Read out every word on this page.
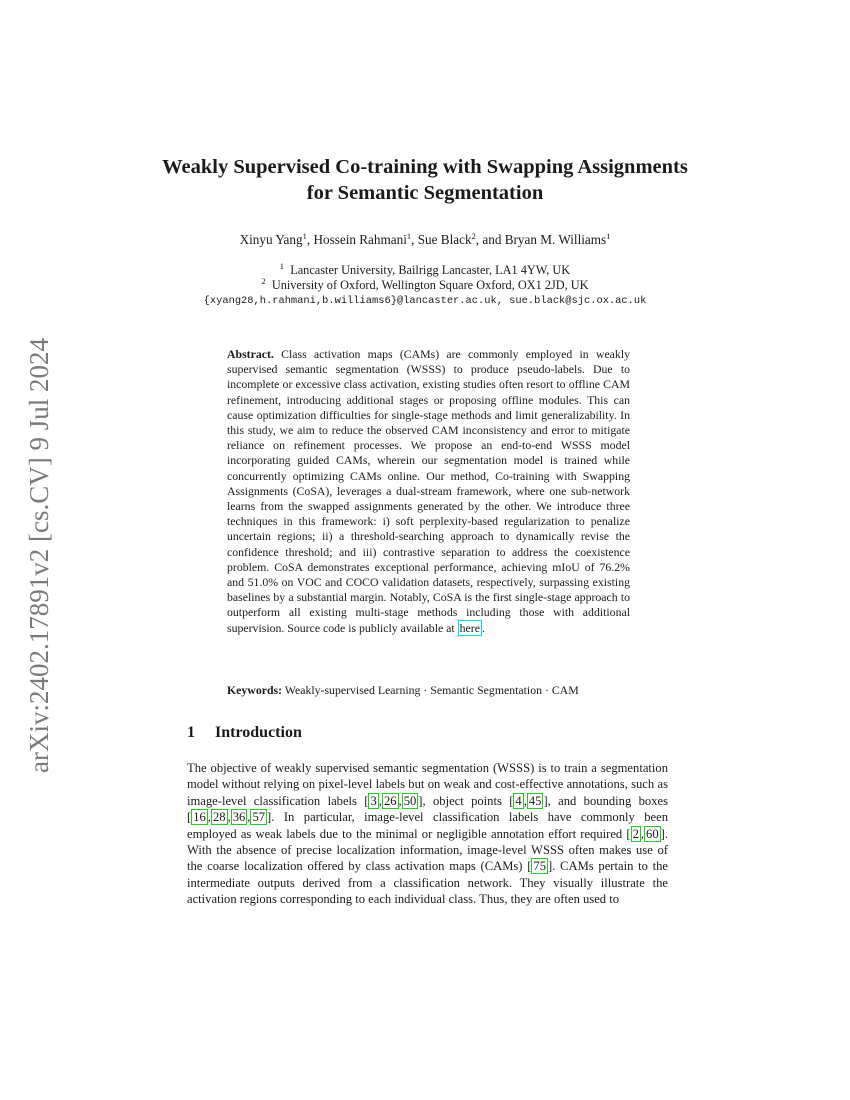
arXiv:2402.17891v2 [cs.CV] 9 Jul 2024
Weakly Supervised Co-training with Swapping Assignments for Semantic Segmentation
Xinyu Yang$^1$, Hossein Rahmani$^1$, Sue Black$^2$, and Bryan M. Williams$^1$
$^1$ Lancaster University, Bailrigg Lancaster, LA1 4YW, UK
$^2$ University of Oxford, Wellington Square Oxford, OX1 2JD, UK
{xyang28,h.rahmani,b.williams6}@lancaster.ac.uk, sue.black@sjc.ox.ac.uk
Abstract. Class activation maps (CAMs) are commonly employed in weakly supervised semantic segmentation (WSSS) to produce pseudo-labels. Due to incomplete or excessive class activation, existing studies often resort to offline CAM refinement, introducing additional stages or proposing offline modules. This can cause optimization difficulties for single-stage methods and limit generalizability. In this study, we aim to reduce the observed CAM inconsistency and error to mitigate reliance on refinement processes. We propose an end-to-end WSSS model incorporating guided CAMs, wherein our segmentation model is trained while concurrently optimizing CAMs online. Our method, Co-training with Swapping Assignments (CoSA), leverages a dual-stream framework, where one sub-network learns from the swapped assignments generated by the other. We introduce three techniques in this framework: i) soft perplexity-based regularization to penalize uncertain regions; ii) a threshold-searching approach to dynamically revise the confidence threshold; and iii) contrastive separation to address the coexistence problem. CoSA demonstrates exceptional performance, achieving mIoU of 76.2% and 51.0% on VOC and COCO validation datasets, respectively, surpassing existing baselines by a substantial margin. Notably, CoSA is the first single-stage approach to outperform all existing multi-stage methods including those with additional supervision. Source code is publicly available at here .
Keywords: Weakly-supervised Learning · Semantic Segmentation · CAM
1 Introduction
The objective of weakly supervised semantic segmentation (WSSS) is to train a segmentation model without relying on pixel-level labels but on weak and cost-effective annotations, such as image-level classification labels [ 3 , 26 , 50 ], object points [ 4 , 45 ], and bounding boxes [ 16 , 28 , 36 , 57 ]. In particular, image-level classification labels have commonly been employed as weak labels due to the minimal or negligible annotation effort required [ 2 , 60 ]. With the absence of precise localization information, image-level WSSS often makes use of the coarse localization offered by class activation maps (CAMs) [ 75 ]. CAMs pertain to the intermediate outputs derived from a classification network. They visually illustrate the activation regions corresponding to each individual class. Thus, they are often used to
